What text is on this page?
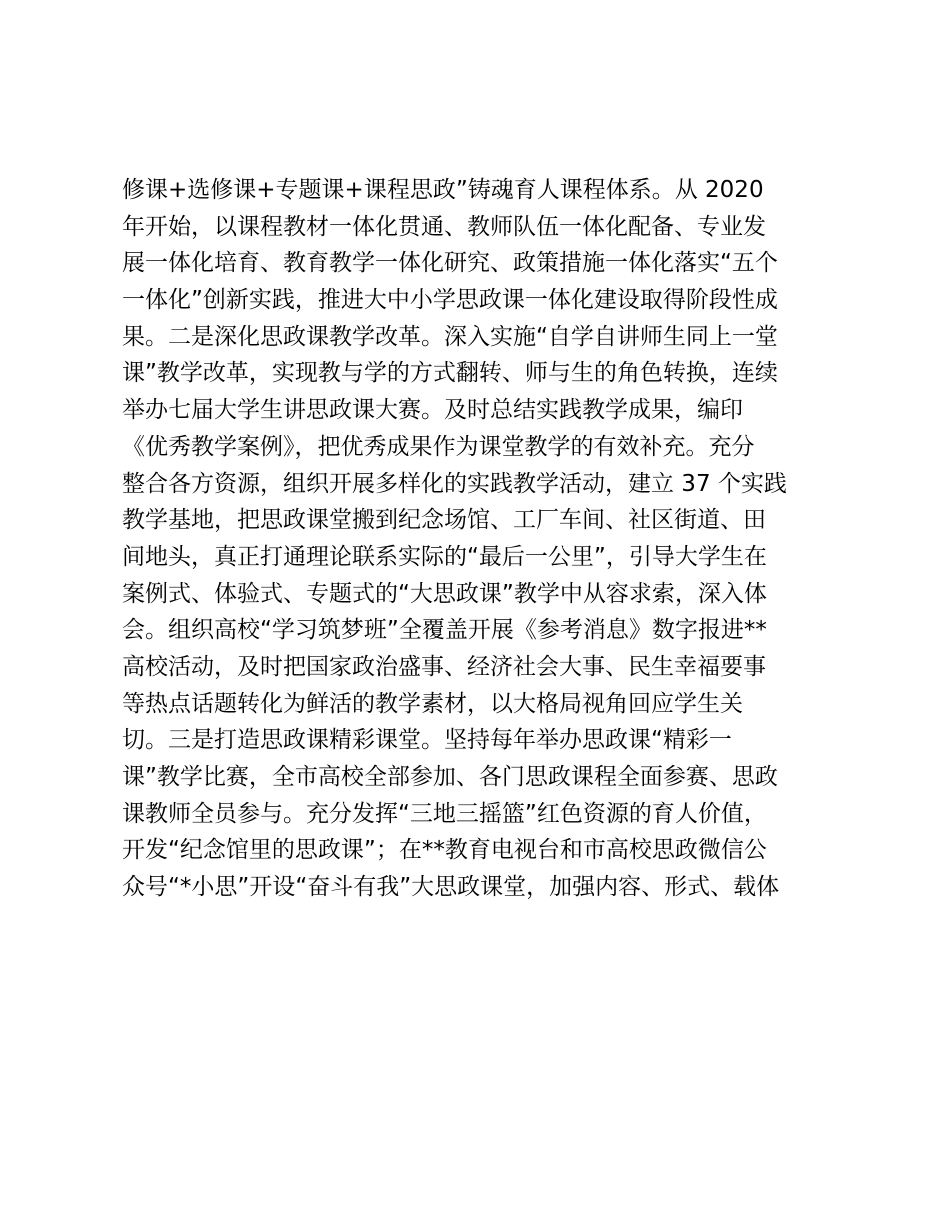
修课+选修课+专题课+课程思政”铸魂育人课程体系。从 2020
年开始，以课程教材一体化贯通、教师队伍一体化配备、专业发
展一体化培育、教育教学一体化研究、政策措施一体化落实“五个
一体化”创新实践，推进大中小学思政课一体化建设取得阶段性成
果。二是深化思政课教学改革。深入实施“自学自讲师生同上一堂
课”教学改革，实现教与学的方式翻转、师与生的角色转换，连续
举办七届大学生讲思政课大赛。及时总结实践教学成果，编印
《优秀教学案例》，把优秀成果作为课堂教学的有效补充。充分
整合各方资源，组织开展多样化的实践教学活动，建立 37 个实践
教学基地，把思政课堂搬到纪念场馆、工厂车间、社区街道、田
间地头，真正打通理论联系实际的“最后一公里”，引导大学生在
案例式、体验式、专题式的“大思政课”教学中从容求索，深入体
会。组织高校“学习筑梦班”全覆盖开展《参考消息》数字报进**
高校活动，及时把国家政治盛事、经济社会大事、民生幸福要事
等热点话题转化为鲜活的教学素材，以大格局视角回应学生关
切。三是打造思政课精彩课堂。坚持每年举办思政课“精彩一
课”教学比赛，全市高校全部参加、各门思政课程全面参赛、思政
课教师全员参与。充分发挥“三地三摇篮”红色资源的育人价值，
开发“纪念馆里的思政课”；在**教育电视台和市高校思政微信公
众号“*小思”开设“奋斗有我”大思政课堂，加强内容、形式、载体
